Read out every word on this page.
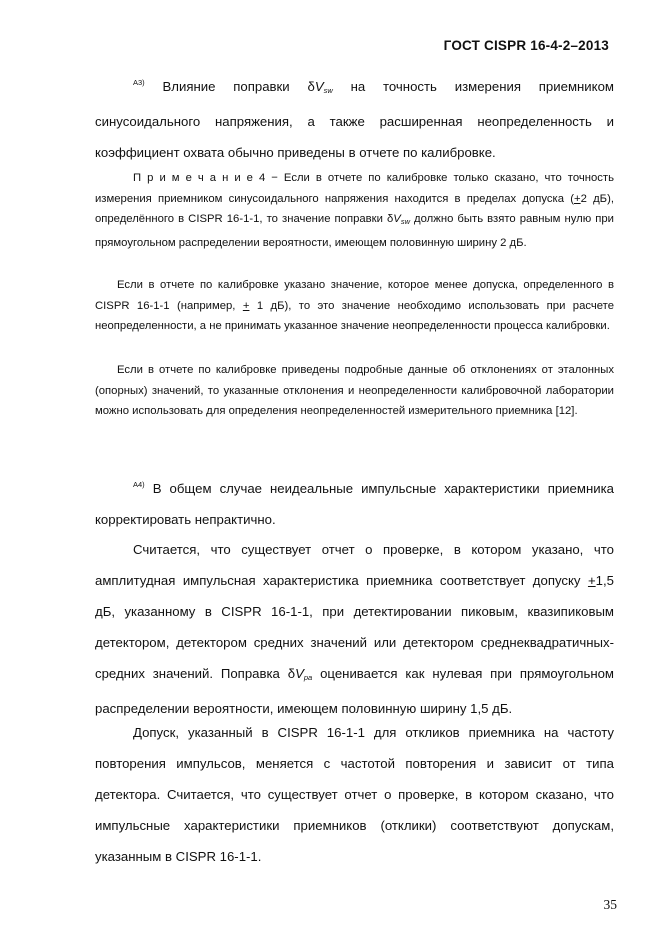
ГОСТ CISPR 16-4-2–2013

$^{А3)}$ Влияние поправки $\delta V_{sw}$ на точность измерения приемником синусоидального напряжения, а также расширенная неопределенность и коэффициент охвата обычно приведены в отчете по калибровке.

П р и м е ч а н и е 4 − Если в отчете по калибровке только сказано, что точность измерения приемником синусоидального напряжения находится в пределах допуска (+2 дБ), определённого в CISPR 16-1-1, то значение поправки $\delta V_{sw}$ должно быть взято равным нулю при прямоугольном распределении вероятности, имеющем половинную ширину 2 дБ.

Если в отчете по калибровке указано значение, которое менее допуска, определенного в CISPR 16-1-1 (например, + 1 дБ), то это значение необходимо использовать при расчете неопределенности, а не принимать указанное значение неопределенности процесса калибровки.

Если в отчете по калибровке приведены подробные данные об отклонениях от эталонных (опорных) значений, то указанные отклонения и неопределенности калибровочной лаборатории можно использовать для определения неопределенностей измерительного приемника [12].

$^{А4)}$ В общем случае неидеальные импульсные характеристики приемника корректировать непрактично.

Считается, что существует отчет о проверке, в котором указано, что амплитудная импульсная характеристика приемника соответствует допуску +1,5 дБ, указанному в CISPR 16-1-1, при детектировании пиковым, квазипиковым детектором, детектором средних значений или детектором среднеквадратичных-средних значений. Поправка $\delta V_{pa}$ оценивается как нулевая при прямоугольном распределении вероятности, имеющем половинную ширину 1,5 дБ.

Допуск, указанный в CISPR 16-1-1 для откликов приемника на частоту повторения импульсов, меняется с частотой повторения и зависит от типа детектора. Считается, что существует отчет о проверке, в котором сказано, что импульсные характеристики приемников (отклики) соответствуют допускам, указанным в CISPR 16-1-1.

35
